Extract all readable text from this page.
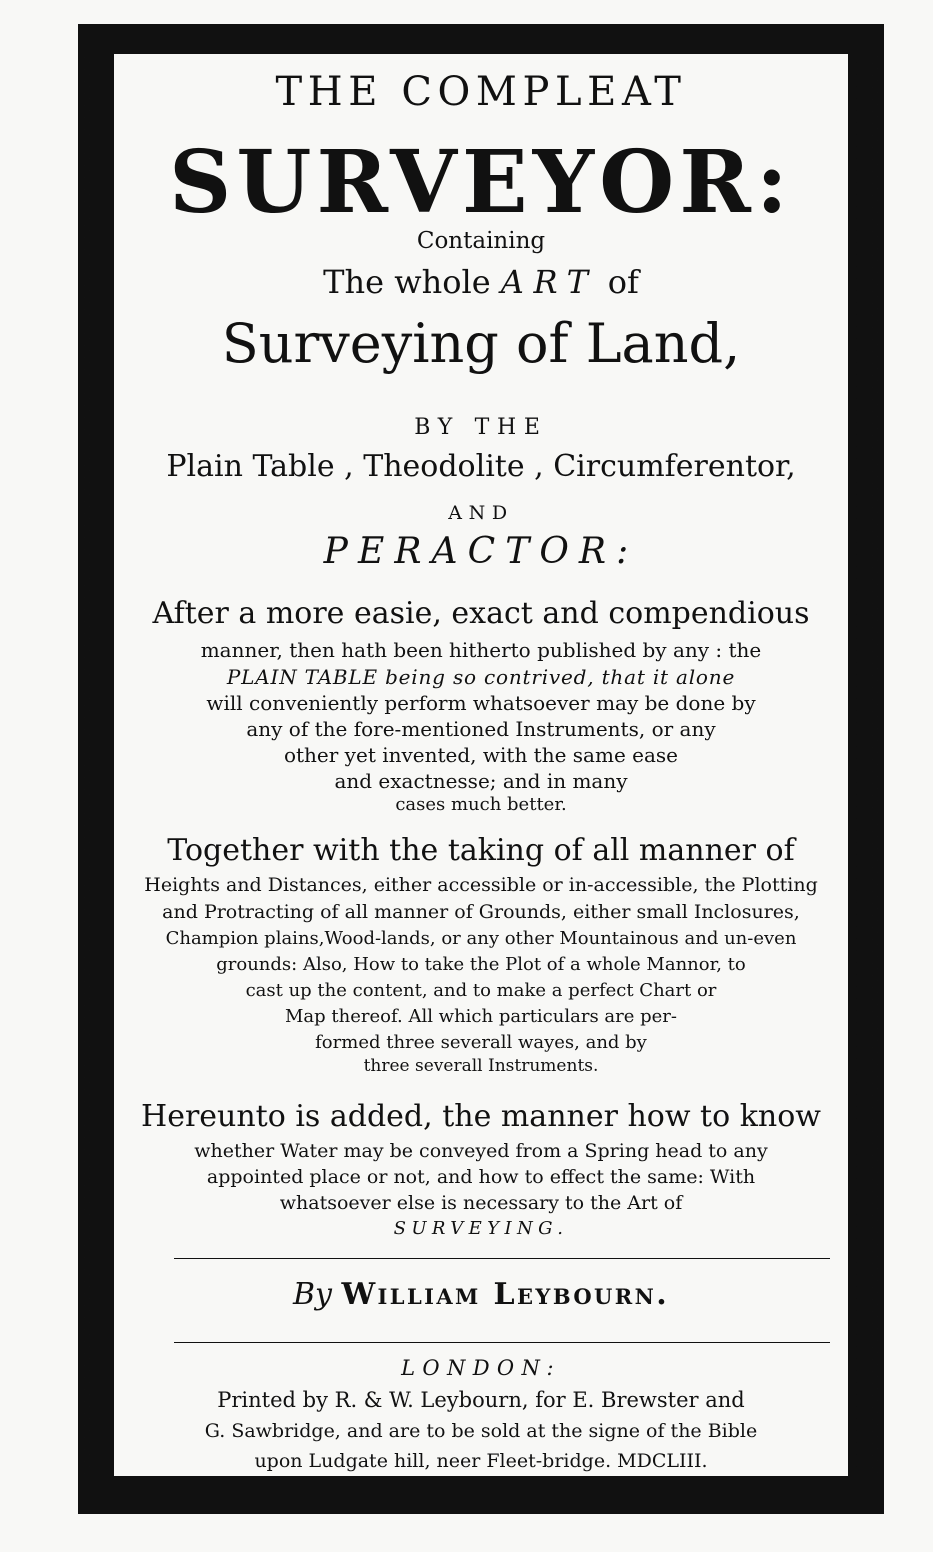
THE COMPLEAT
SURVEYOR:
Containing
The whole ART of
Surveying of Land,
BY THE
Plain Table , Theodolite , Circumferentor,
AND
PERACTOR:
After a more easie, exact and compendious
manner, then hath been hitherto published by any : the
PLAIN TABLE being so contrived, that it alone
will conveniently perform whatsoever may be done by
any of the fore-mentioned Instruments, or any
other yet invented, with the same ease
and exactnesse; and in many
cases much better.
Together with the taking of all manner of
Heights and Distances, either accessible or in-accessible, the Plotting
and Protracting of all manner of Grounds, either small Inclosures,
Champion plains,Wood-lands, or any other Mountainous and un-even
grounds: Also, How to take the Plot of a whole Mannor, to
cast up the content, and to make a perfect Chart or
Map thereof. All which particulars are per-
formed three severall wayes, and by
three severall Instruments.
Hereunto is added, the manner how to know
whether Water may be conveyed from a Spring head to any
appointed place or not, and how to effect the same: With
whatsoever else is necessary to the Art of
SURVEYING.
By William Leybourn.
LONDON:
Printed by R. & W. Leybourn, for E. Brewster and
G. Sawbridge, and are to be sold at the signe of the Bible
upon Ludgate hill, neer Fleet-bridge. MDCLIII.
